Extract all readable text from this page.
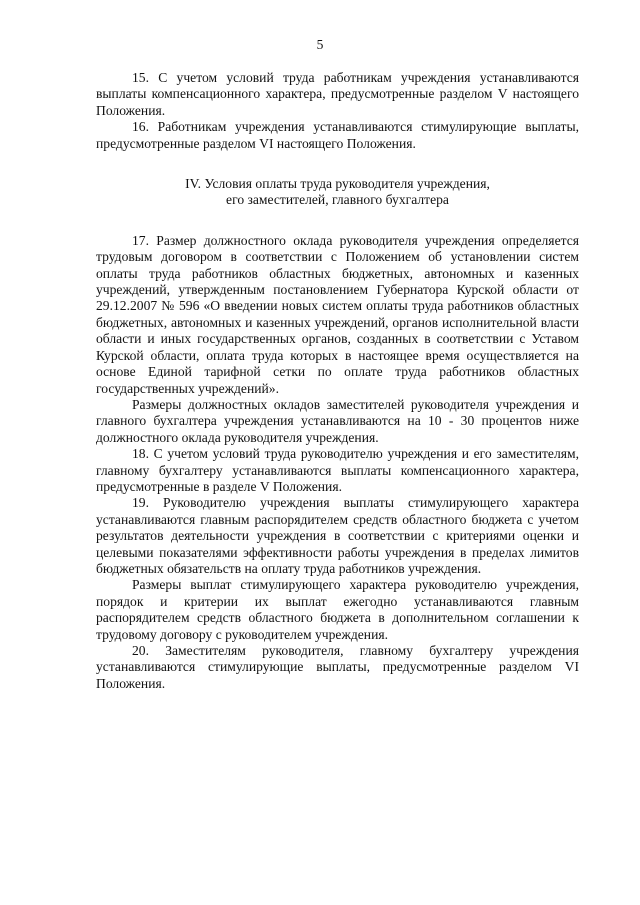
5

15. С учетом условий труда работникам учреждения устанавливаются выплаты компенсационного характера, предусмотренные разделом V настоящего Положения.

16. Работникам учреждения устанавливаются стимулирующие выплаты, предусмотренные разделом VI настоящего Положения.

IV. Условия оплаты труда руководителя учреждения,
его заместителей, главного бухгалтера

17. Размер должностного оклада руководителя учреждения определяется трудовым договором в соответствии с Положением об установлении систем оплаты труда работников областных бюджетных, автономных и казенных учреждений, утвержденным постановлением Губернатора Курской области от 29.12.2007 № 596 «О введении новых систем оплаты труда работников областных бюджетных, автономных и казенных учреждений, органов исполнительной власти области и иных государственных органов, созданных в соответствии с Уставом Курской области, оплата труда которых в настоящее время осуществляется на основе Единой тарифной сетки по оплате труда работников областных государственных учреждений».

Размеры должностных окладов заместителей руководителя учреждения и главного бухгалтера учреждения устанавливаются на 10 - 30 процентов ниже должностного оклада руководителя учреждения.

18. С учетом условий труда руководителю учреждения и его заместителям, главному бухгалтеру устанавливаются выплаты компенсационного характера, предусмотренные в разделе V Положения.

19. Руководителю учреждения выплаты стимулирующего характера устанавливаются главным распорядителем средств областного бюджета с учетом результатов деятельности учреждения в соответствии с критериями оценки и целевыми показателями эффективности работы учреждения в пределах лимитов бюджетных обязательств на оплату труда работников учреждения.

Размеры выплат стимулирующего характера руководителю учреждения, порядок и критерии их выплат ежегодно устанавливаются главным распорядителем средств областного бюджета в дополнительном соглашении к трудовому договору с руководителем учреждения.

20. Заместителям руководителя, главному бухгалтеру учреждения устанавливаются стимулирующие выплаты, предусмотренные разделом VI Положения.
